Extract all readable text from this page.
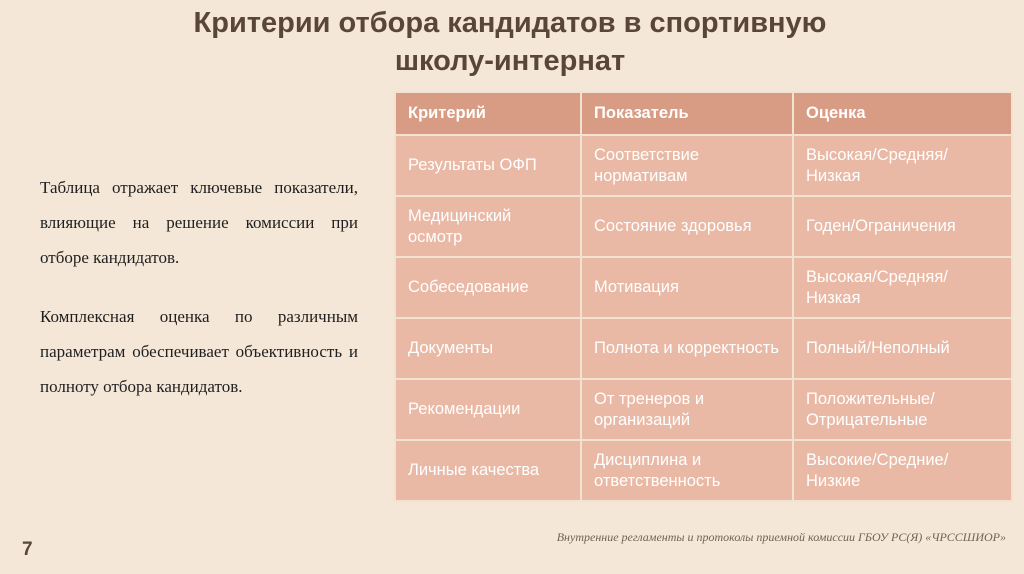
Критерии отбора кандидатов в спортивную
школу-интернат

Таблица отражает ключевые показатели, влияющие на решение комиссии при отборе кандидатов.

Комплексная оценка по различным параметрам обеспечивает объективность и полноту отбора кандидатов.

Критерий	Показатель	Оценка
Результаты ОФП	Соответствие нормативам	Высокая/Средняя/ Низкая
Медицинский осмотр	Состояние здоровья	Годен/Ограничения
Собеседование	Мотивация	Высокая/Средняя/ Низкая
Документы	Полнота и корректность	Полный/Неполный
Рекомендации	От тренеров и организаций	Положительные/ Отрицательные
Личные качества	Дисциплина и ответственность	Высокие/Средние/ Низкие
Внутренние регламенты и протоколы приемной комиссии ГБОУ РС(Я) «ЧРССШИОР»
7
